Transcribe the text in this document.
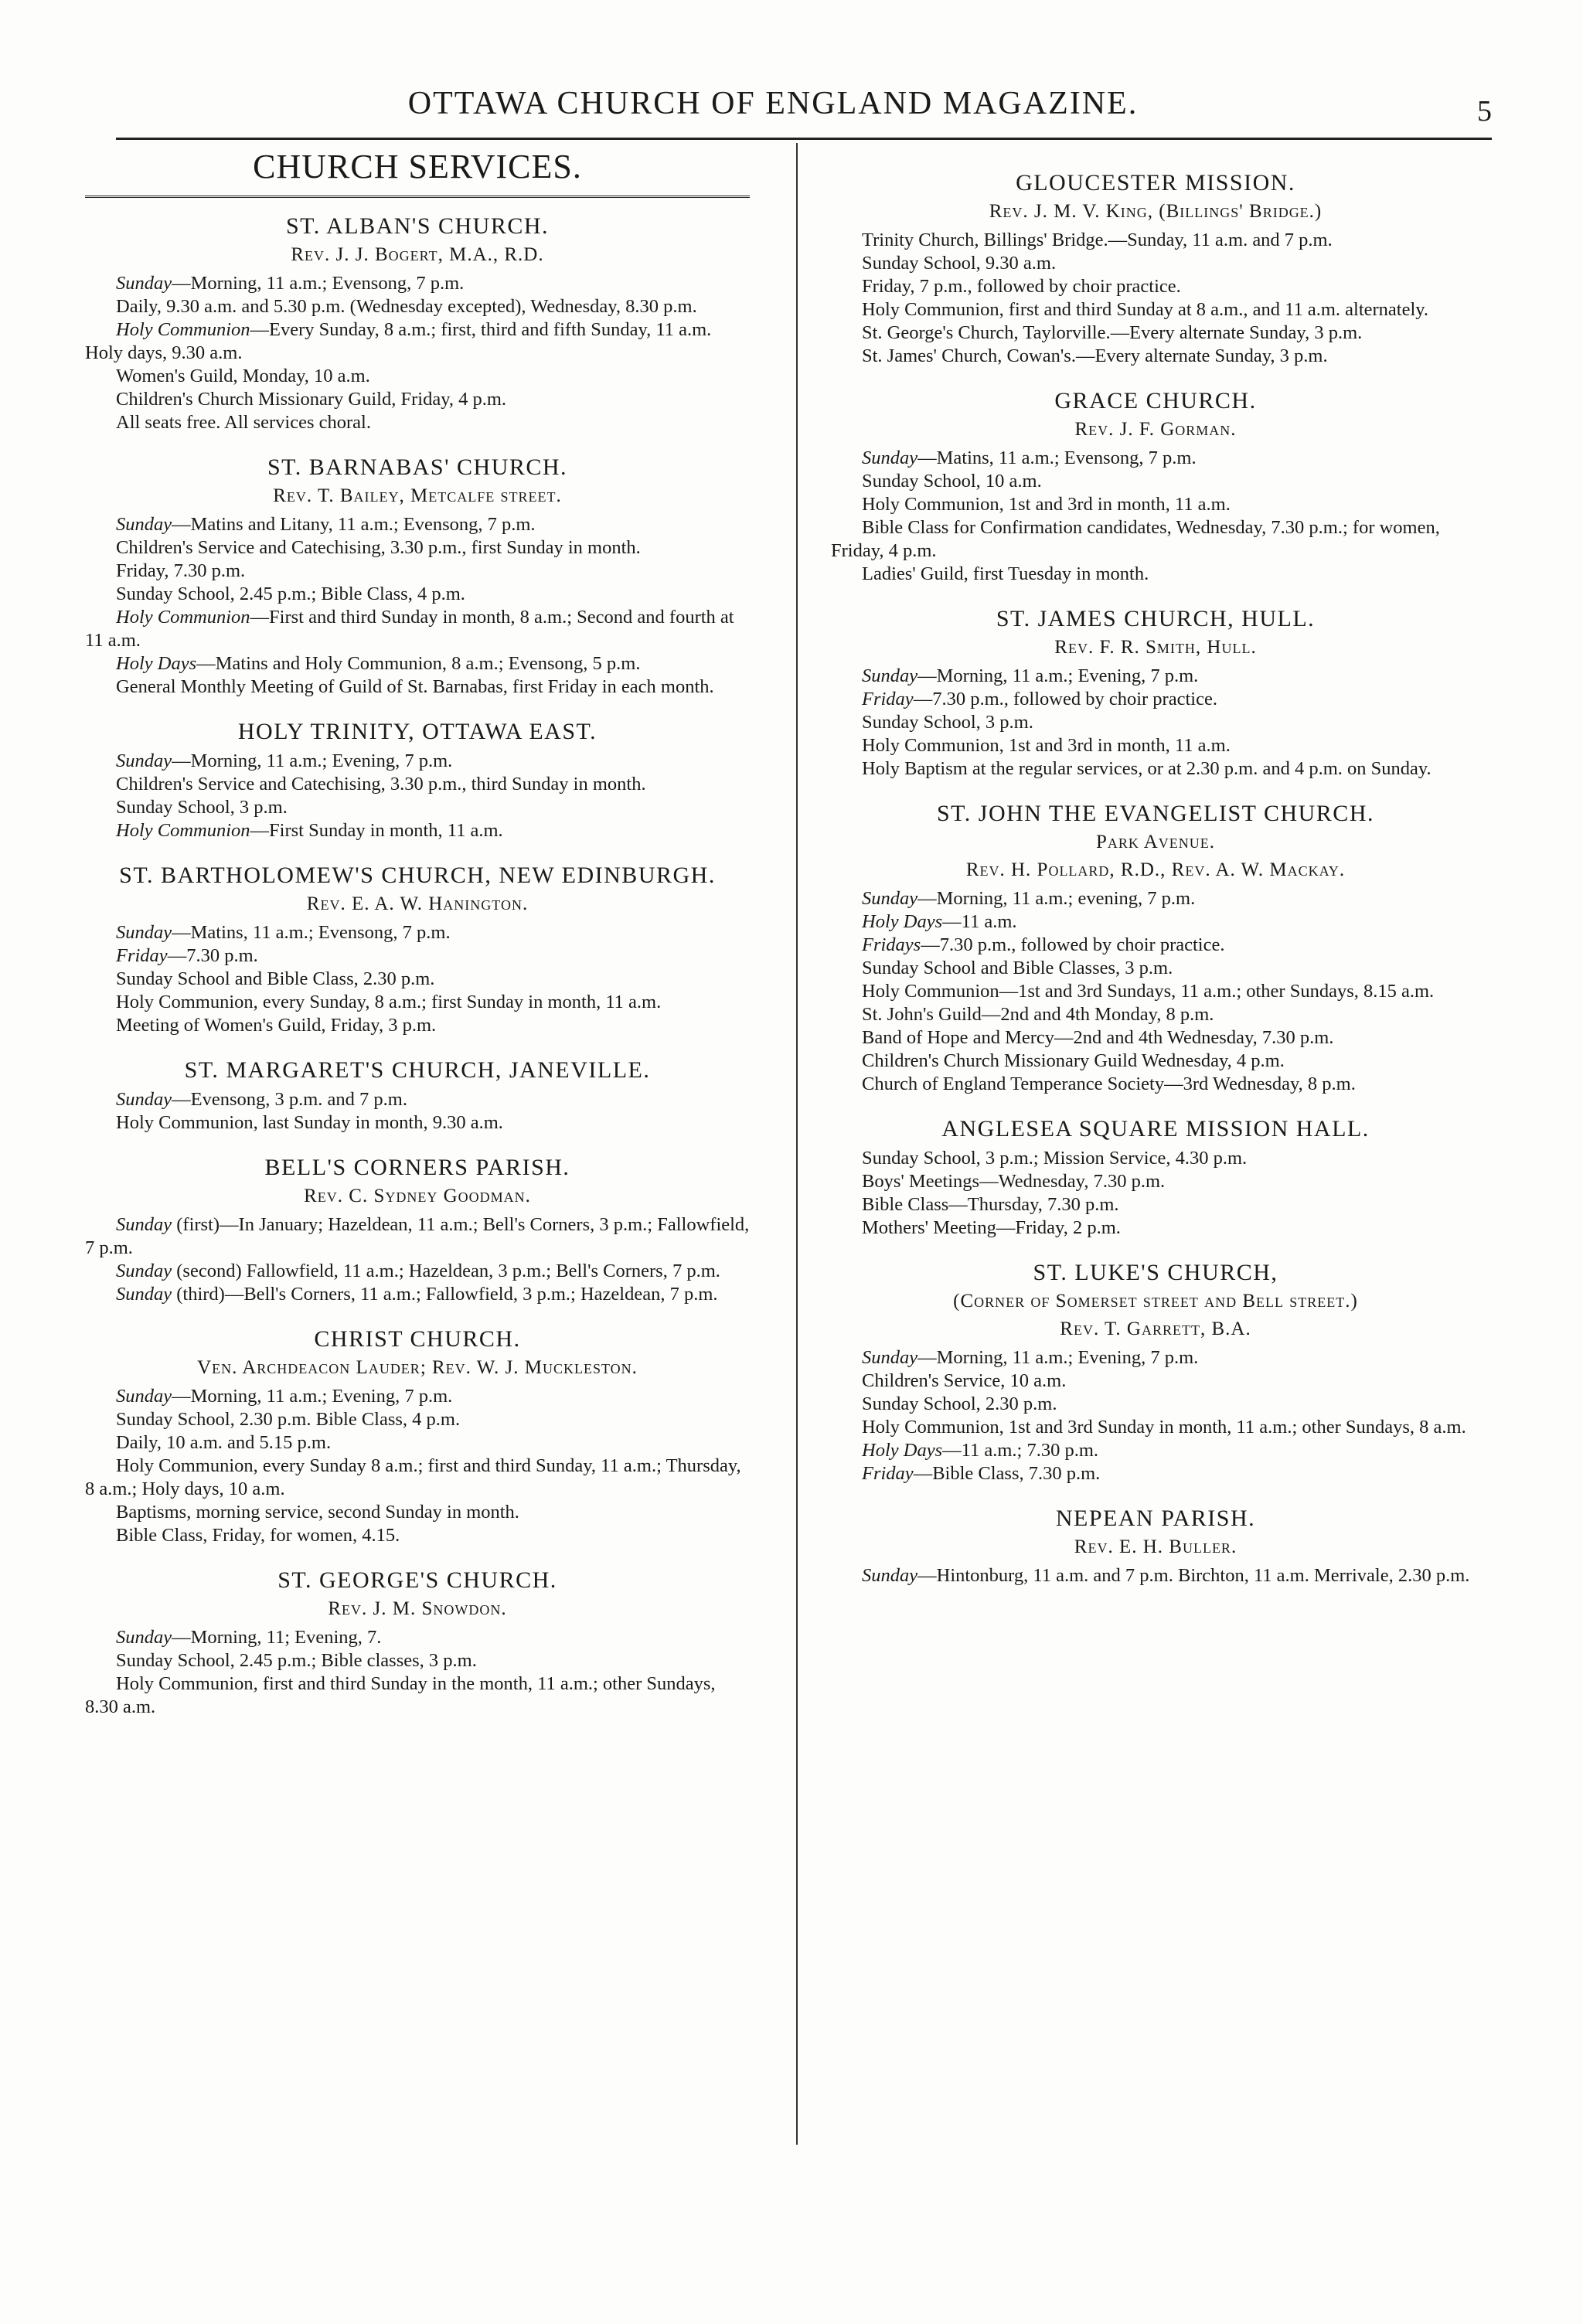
OTTAWA CHURCH OF ENGLAND MAGAZINE.	5
CHURCH SERVICES.
ST. ALBAN'S CHURCH.
Rev. J. J. Bogert, M.A., R.D.

Sunday—Morning, 11 a.m.; Evensong, 7 p.m.

Daily, 9.30 a.m. and 5.30 p.m. (Wednesday excepted), Wednesday, 8.30 p.m.

Holy Communion—Every Sunday, 8 a.m.; first, third and fifth Sunday, 11 a.m. Holy days, 9.30 a.m.

Women's Guild, Monday, 10 a.m.

Children's Church Missionary Guild, Friday, 4 p.m.

All seats free. All services choral.

ST. BARNABAS' CHURCH.
Rev. T. Bailey, Metcalfe street.

Sunday—Matins and Litany, 11 a.m.; Evensong, 7 p.m.

Children's Service and Catechising, 3.30 p.m., first Sunday in month.

Friday, 7.30 p.m.

Sunday School, 2.45 p.m.; Bible Class, 4 p.m.

Holy Communion—First and third Sunday in month, 8 a.m.; Second and fourth at 11 a.m.

Holy Days—Matins and Holy Communion, 8 a.m.; Evensong, 5 p.m.

General Monthly Meeting of Guild of St. Barnabas, first Friday in each month.

HOLY TRINITY, OTTAWA EAST.

Sunday—Morning, 11 a.m.; Evening, 7 p.m.

Children's Service and Catechising, 3.30 p.m., third Sunday in month.

Sunday School, 3 p.m.

Holy Communion—First Sunday in month, 11 a.m.

ST. BARTHOLOMEW'S CHURCH, NEW EDINBURGH.
Rev. E. A. W. Hanington.

Sunday—Matins, 11 a.m.; Evensong, 7 p.m.

Friday—7.30 p.m.

Sunday School and Bible Class, 2.30 p.m.

Holy Communion, every Sunday, 8 a.m.; first Sunday in month, 11 a.m.

Meeting of Women's Guild, Friday, 3 p.m.

ST. MARGARET'S CHURCH, JANEVILLE.

Sunday—Evensong, 3 p.m. and 7 p.m.

Holy Communion, last Sunday in month, 9.30 a.m.

BELL'S CORNERS PARISH.
Rev. C. Sydney Goodman.

Sunday (first)—In January; Hazeldean, 11 a.m.; Bell's Corners, 3 p.m.; Fallowfield, 7 p.m.

Sunday (second) Fallowfield, 11 a.m.; Hazeldean, 3 p.m.; Bell's Corners, 7 p.m.

Sunday (third)—Bell's Corners, 11 a.m.; Fallowfield, 3 p.m.; Hazeldean, 7 p.m.

CHRIST CHURCH.
Ven. Archdeacon Lauder; Rev. W. J. Muckleston.

Sunday—Morning, 11 a.m.; Evening, 7 p.m.

Sunday School, 2.30 p.m. Bible Class, 4 p.m.

Daily, 10 a.m. and 5.15 p.m.

Holy Communion, every Sunday 8 a.m.; first and third Sunday, 11 a.m.; Thursday, 8 a.m.; Holy days, 10 a.m.

Baptisms, morning service, second Sunday in month.

Bible Class, Friday, for women, 4.15.

ST. GEORGE'S CHURCH.
Rev. J. M. Snowdon.

Sunday—Morning, 11; Evening, 7.

Sunday School, 2.45 p.m.; Bible classes, 3 p.m.

Holy Communion, first and third Sunday in the month, 11 a.m.; other Sundays, 8.30 a.m.

GLOUCESTER MISSION.
Rev. J. M. V. King, (Billings' Bridge.)

Trinity Church, Billings' Bridge.—Sunday, 11 a.m. and 7 p.m.

Sunday School, 9.30 a.m.

Friday, 7 p.m., followed by choir practice.

Holy Communion, first and third Sunday at 8 a.m., and 11 a.m. alternately.

St. George's Church, Taylorville.—Every alternate Sunday, 3 p.m.

St. James' Church, Cowan's.—Every alternate Sunday, 3 p.m.

GRACE CHURCH.
Rev. J. F. Gorman.

Sunday—Matins, 11 a.m.; Evensong, 7 p.m.

Sunday School, 10 a.m.

Holy Communion, 1st and 3rd in month, 11 a.m.

Bible Class for Confirmation candidates, Wednesday, 7.30 p.m.; for women, Friday, 4 p.m.

Ladies' Guild, first Tuesday in month.

ST. JAMES CHURCH, HULL.
Rev. F. R. Smith, Hull.

Sunday—Morning, 11 a.m.; Evening, 7 p.m.

Friday—7.30 p.m., followed by choir practice.

Sunday School, 3 p.m.

Holy Communion, 1st and 3rd in month, 11 a.m.

Holy Baptism at the regular services, or at 2.30 p.m. and 4 p.m. on Sunday.

ST. JOHN THE EVANGELIST CHURCH.
Park Avenue.
Rev. H. Pollard, R.D., Rev. A. W. Mackay.

Sunday—Morning, 11 a.m.; evening, 7 p.m.

Holy Days—11 a.m.

Fridays—7.30 p.m., followed by choir practice.

Sunday School and Bible Classes, 3 p.m.

Holy Communion—1st and 3rd Sundays, 11 a.m.; other Sundays, 8.15 a.m.

St. John's Guild—2nd and 4th Monday, 8 p.m.

Band of Hope and Mercy—2nd and 4th Wednesday, 7.30 p.m.

Children's Church Missionary Guild Wednesday, 4 p.m.

Church of England Temperance Society—3rd Wednesday, 8 p.m.

ANGLESEA SQUARE MISSION HALL.

Sunday School, 3 p.m.; Mission Service, 4.30 p.m.

Boys' Meetings—Wednesday, 7.30 p.m.

Bible Class—Thursday, 7.30 p.m.

Mothers' Meeting—Friday, 2 p.m.

ST. LUKE'S CHURCH,
(Corner of Somerset street and Bell street.)
Rev. T. Garrett, B.A.

Sunday—Morning, 11 a.m.; Evening, 7 p.m.

Children's Service, 10 a.m.

Sunday School, 2.30 p.m.

Holy Communion, 1st and 3rd Sunday in month, 11 a.m.; other Sundays, 8 a.m.

Holy Days—11 a.m.; 7.30 p.m.

Friday—Bible Class, 7.30 p.m.

NEPEAN PARISH.
Rev. E. H. Buller.

Sunday—Hintonburg, 11 a.m. and 7 p.m. Birchton, 11 a.m. Merrivale, 2.30 p.m.
